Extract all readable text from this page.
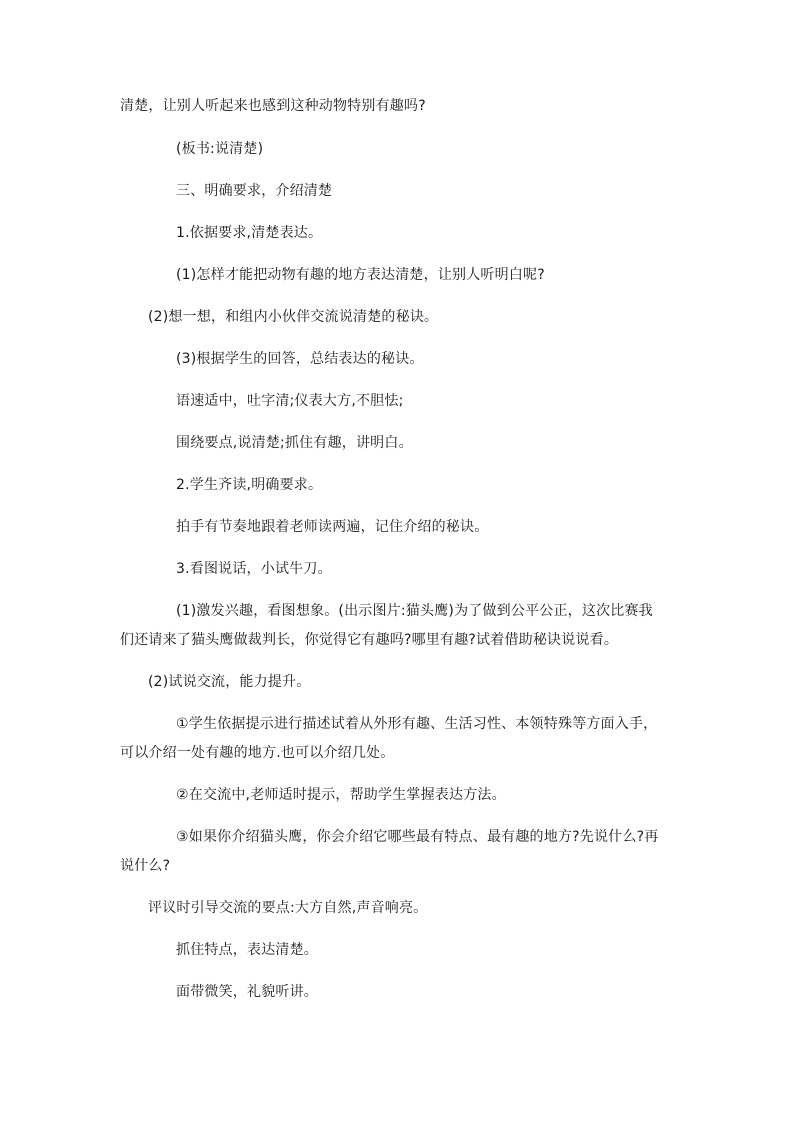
清楚，让别人听起来也感到这种动物特别有趣吗?
(板书:说清楚)
三、明确要求，介绍清楚
1.依据要求,清楚表达。
(1)怎样才能把动物有趣的地方表达清楚，让别人听明白呢?
(2)想一想，和组内小伙伴交流说清楚的秘诀。
(3)根据学生的回答，总结表达的秘诀。
语速适中，吐字清;仪表大方,不胆怯;
围绕要点,说清楚;抓住有趣，讲明白。
2.学生齐读,明确要求。
拍手有节奏地跟着老师读两遍，记住介绍的秘诀。
3.看图说话，小试牛刀。
(1)激发兴趣，看图想象。(出示图片:猫头鹰)为了做到公平公正，这次比赛我
们还请来了猫头鹰做裁判长，你觉得它有趣吗?哪里有趣?试着借助秘诀说说看。
(2)试说交流，能力提升。
①学生依据提示进行描述试着从外形有趣、生活习性、本领特殊等方面入手，
可以介绍一处有趣的地方.也可以介绍几处。
②在交流中,老师适时提示，帮助学生掌握表达方法。
③如果你介绍猫头鹰，你会介绍它哪些最有特点、最有趣的地方?先说什么?再
说什么?
评议时引导交流的要点:大方自然,声音响亮。
抓住特点，表达清楚。
面带微笑，礼貌听讲。
